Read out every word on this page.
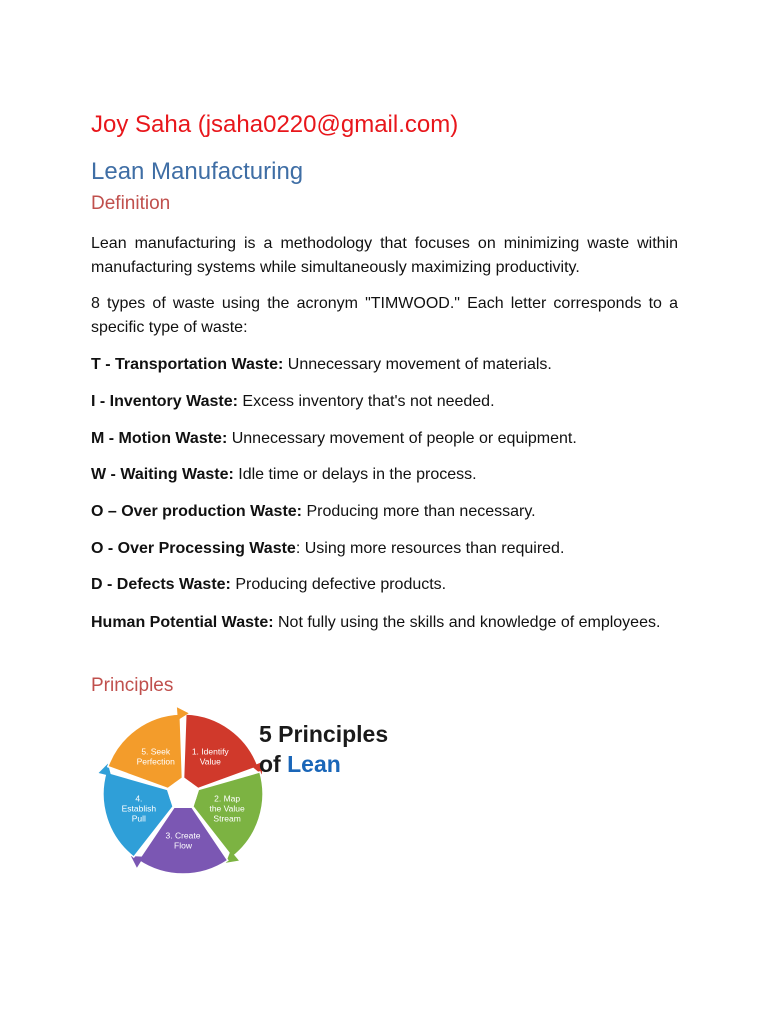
Joy Saha (jsaha0220@gmail.com)
Lean Manufacturing
Definition
Lean manufacturing is a methodology that focuses on minimizing waste within manufacturing systems while simultaneously maximizing productivity.
8 types of waste using the acronym "TIMWOOD." Each letter corresponds to a specific type of waste:
T - Transportation Waste: Unnecessary movement of materials.
I - Inventory Waste: Excess inventory that's not needed.
M - Motion Waste: Unnecessary movement of people or equipment.
W - Waiting Waste: Idle time or delays in the process.
O – Over production Waste: Producing more than necessary.
O - Over Processing Waste: Using more resources than required.
D - Defects Waste: Producing defective products.
Human Potential Waste: Not fully using the skills and knowledge of employees.
Principles
1. Identify Value
2. Map the Value Stream
3. Create Flow
4. Establish Pull
5. Seek Perfection
5 Principles
of Lean
